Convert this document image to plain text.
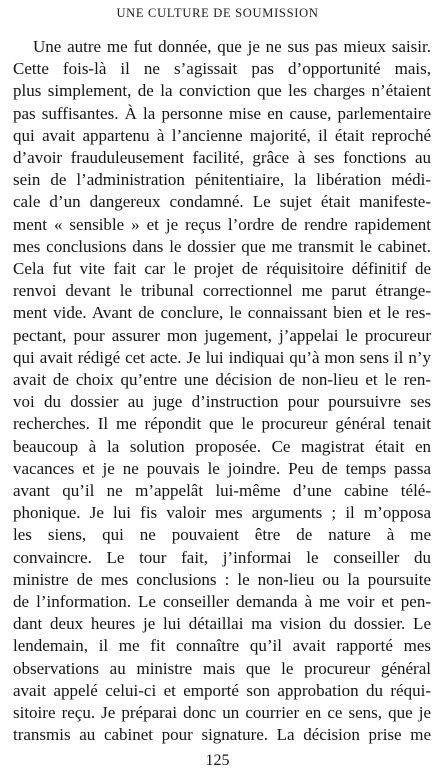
UNE CULTURE DE SOUMISSION
Une autre me fut donnée, que je ne sus pas mieux saisir.
Cette fois-là il ne s’agissait pas d’opportunité mais,
plus simplement, de la conviction que les charges n’étaient
pas suffisantes. À la personne mise en cause, parlementaire
qui avait appartenu à l’ancienne majorité, il était reproché
d’avoir frauduleusement facilité, grâce à ses fonctions au
sein de l’administration pénitentiaire, la libération médi-
cale d’un dangereux condamné. Le sujet était manifeste-
ment « sensible » et je reçus l’ordre de rendre rapidement
mes conclusions dans le dossier que me transmit le cabinet.
Cela fut vite fait car le projet de réquisitoire définitif de
renvoi devant le tribunal correctionnel me parut étrange-
ment vide. Avant de conclure, le connaissant bien et le res-
pectant, pour assurer mon jugement, j’appelai le procureur
qui avait rédigé cet acte. Je lui indiquai qu’à mon sens il n’y
avait de choix qu’entre une décision de non-lieu et le ren-
voi du dossier au juge d’instruction pour poursuivre ses
recherches. Il me répondit que le procureur général tenait
beaucoup à la solution proposée. Ce magistrat était en
vacances et je ne pouvais le joindre. Peu de temps passa
avant qu’il ne m’appelât lui-même d’une cabine télé-
phonique. Je lui fis valoir mes arguments ; il m’opposa
les siens, qui ne pouvaient être de nature à me
convaincre. Le tour fait, j’informai le conseiller du
ministre de mes conclusions : le non-lieu ou la poursuite
de l’information. Le conseiller demanda à me voir et pen-
dant deux heures je lui détaillai ma vision du dossier. Le
lendemain, il me fit connaître qu’il avait rapporté mes
observations au ministre mais que le procureur général
avait appelé celui-ci et emporté son approbation du réqui-
sitoire reçu. Je préparai donc un courrier en ce sens, que je
transmis au cabinet pour signature. La décision prise me
125
